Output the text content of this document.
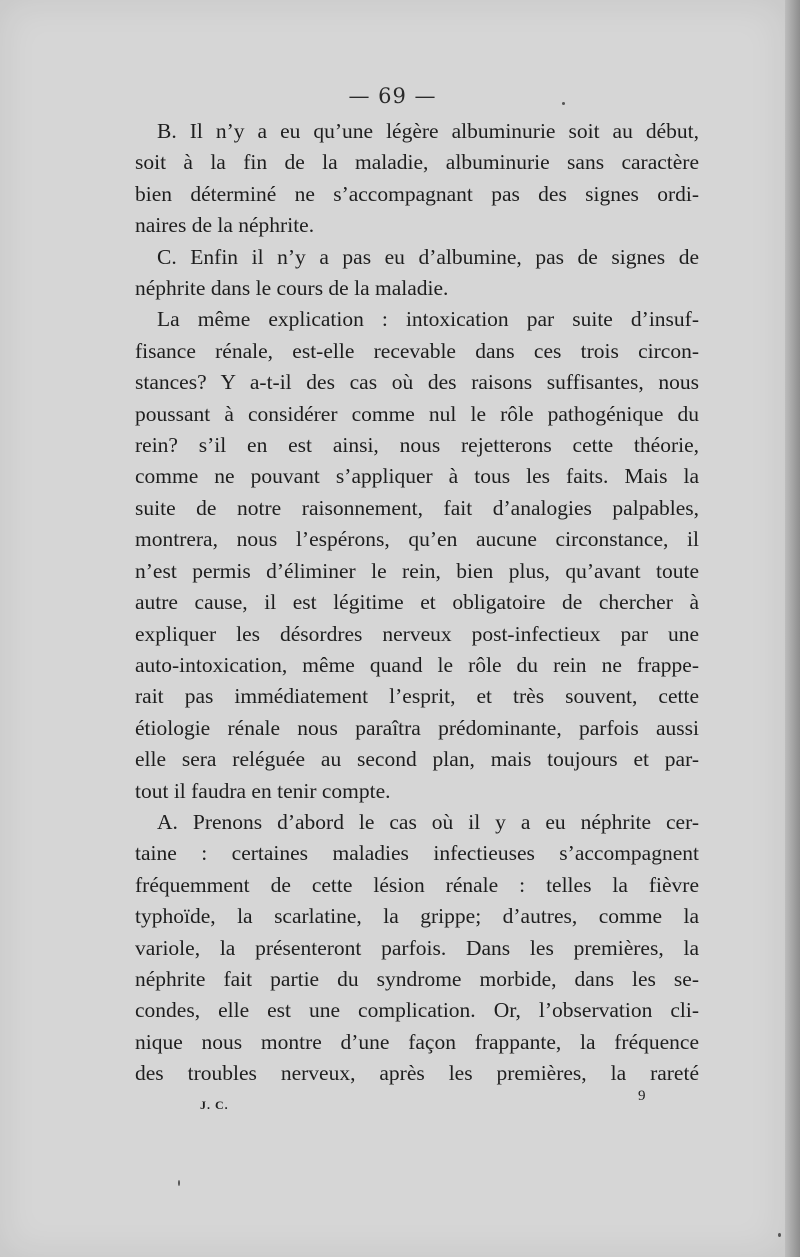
— 69 —

B. Il n’y a eu qu’une légère albuminurie soit au début,
soit à la fin de la maladie, albuminurie sans caractère
bien déterminé ne s’accompagnant pas des signes ordi-
naires de la néphrite.

C. Enfin il n’y a pas eu d’albumine, pas de signes de
néphrite dans le cours de la maladie.

La même explication : intoxication par suite d’insuf-
fisance rénale, est-elle recevable dans ces trois circon-
stances? Y a-t-il des cas où des raisons suffisantes, nous
poussant à considérer comme nul le rôle pathogénique du
rein? s’il en est ainsi, nous rejetterons cette théorie,
comme ne pouvant s’appliquer à tous les faits. Mais la
suite de notre raisonnement, fait d’analogies palpables,
montrera, nous l’espérons, qu’en aucune circonstance, il
n’est permis d’éliminer le rein, bien plus, qu’avant toute
autre cause, il est légitime et obligatoire de chercher à
expliquer les désordres nerveux post-infectieux par une
auto-intoxication, même quand le rôle du rein ne frappe-
rait pas immédiatement l’esprit, et très souvent, cette
étiologie rénale nous paraîtra prédominante, parfois aussi
elle sera reléguée au second plan, mais toujours et par-
tout il faudra en tenir compte.

A. Prenons d’abord le cas où il y a eu néphrite cer-
taine : certaines maladies infectieuses s’accompagnent
fréquemment de cette lésion rénale : telles la fièvre
typhoïde, la scarlatine, la grippe; d’autres, comme la
variole, la présenteront parfois. Dans les premières, la
néphrite fait partie du syndrome morbide, dans les se-
condes, elle est une complication. Or, l’observation cli-
nique nous montre d’une façon frappante, la fréquence
des troubles nerveux, après les premières, la rareté

J. C.
9
